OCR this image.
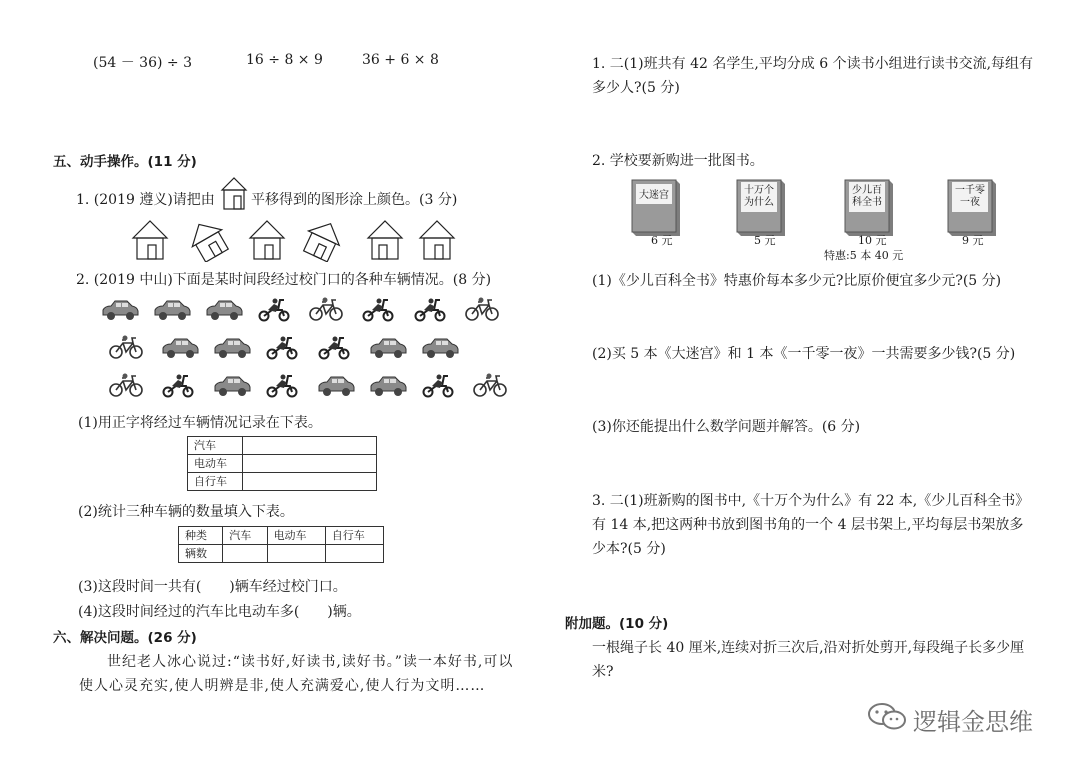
(54 － 36) ÷ 3	16 ÷ 8 × 9	36 + 6 × 8
五、动手操作。(11 分)
1. (2019 遵义)请把由	平移得到的图形涂上颜色。(3 分)
2. (2019 中山)下面是某时间段经过校门口的各种车辆情况。(8 分)
(1)用正字将经过车辆情况记录在下表。
汽车	
电动车	
自行车	
(2)统计三种车辆的数量填入下表。
种类	汽车	电动车	自行车
辆数			
(3)这段时间一共有(　　)辆车经过校门口。
(4)这段时间经过的汽车比电动车多(　　)辆。
六、解决问题。(26 分)
世纪老人冰心说过:“读书好,好读书,读好书。”读一本好书,可以使人心灵充实,使人明辨是非,使人充满爱心,使人行为文明……
1. 二(1)班共有 42 名学生,平均分成 6 个读书小组进行读书交流,每组有多少人?(5 分)
2. 学校要新购进一批图书。
大迷宫
6 元
十万个为什么
5 元
少儿百科全书
10 元
特惠:5 本 40 元
一千零一夜
9 元
(1)《少儿百科全书》特惠价每本多少元?比原价便宜多少元?(5 分)
(2)买 5 本《大迷宫》和 1 本《一千零一夜》一共需要多少钱?(5 分)
(3)你还能提出什么数学问题并解答。(6 分)
3. 二(1)班新购的图书中,《十万个为什么》有 22 本,《少儿百科全书》有 14 本,把这两种书放到图书角的一个 4 层书架上,平均每层书架放多少本?(5 分)
附加题。(10 分)
一根绳子长 40 厘米,连续对折三次后,沿对折处剪开,每段绳子长多少厘米?
逻辑金思维
